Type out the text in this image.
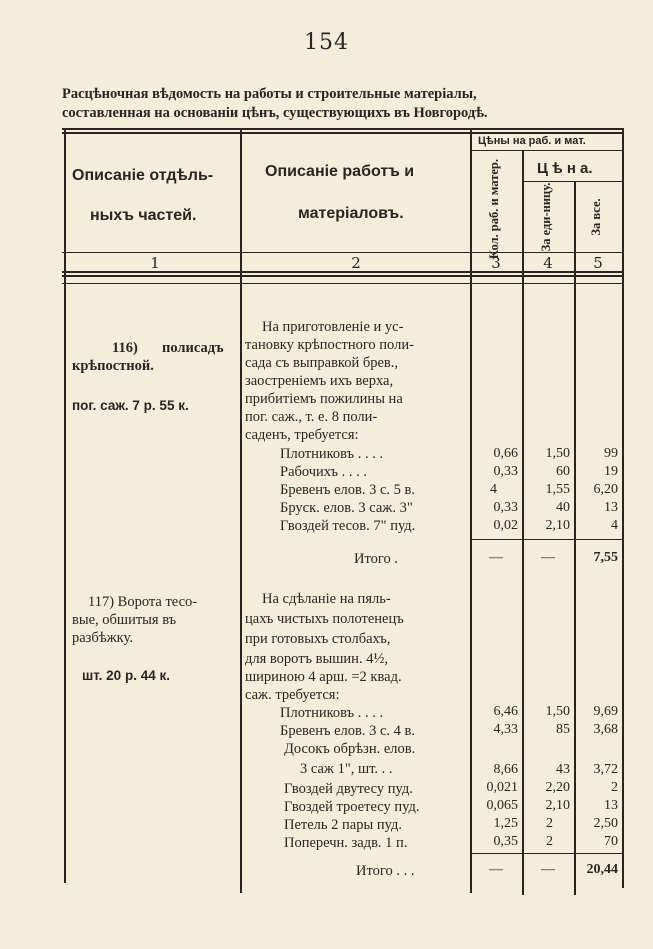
154
Расцѣночная вѣдомость на работы и строительные матеріалы,
составленная на основаніи цѣнъ, существующихъ въ Новгородѣ.
Описаніе отдѣль-
ныхъ частей.
Описаніе работъ и
матеріаловъ.
Цѣны на раб. и мат.
Ц ѣ н а.
Кол. раб. и матер.	За еди-ницу.	За все.
1	2	3	4	5
116) полисадъ
крѣпостной.
пог. саж. 7 р. 55 к.
На приготовленіе и ус-
тановку крѣпостного поли-
сада съ выправкой брев.,
заостреніемъ ихъ верха,
прибитіемъ пожилины на
пог. саж., т. е. 8 поли-
саденъ, требуется:
Плотниковъ . . . .	0,66	1,50	99
Рабочихъ . . . .	0,33	60	19
Бревенъ елов. 3 с. 5 в.	4	1,55	6,20
Бруск. елов. 3 саж. 3"	0,33	40	13
Гвоздей тесов. 7" пуд.	0,02	2,10	4
Итого .	—	—	7,55
117) Ворота тесо-
вые, обшитыя въ
разбѣжку.
шт. 20 р. 44 к.
На сдѣланіе на пяль-
цахъ чистыхъ полотенецъ
при готовыхъ столбахъ,
для воротъ вышин. 4½,
шириною 4 арш. =2 квад.
саж. требуется:
Плотниковъ . . . .	6,46	1,50	9,69
Бревенъ елов. 3 с. 4 в.	4,33	85	3,68
Досокъ обрѣзн. елов.
3 саж 1", шт. . .	8,66	43	3,72
Гвоздей двутесу пуд.	0,021	2,20	2
Гвоздей троетесу пуд.	0,065	2,10	13
Петель 2 пары пуд.	1,25	2	2,50
Поперечн. задв. 1 п.	0,35	2	70
Итого . . .	—	—	20,44
